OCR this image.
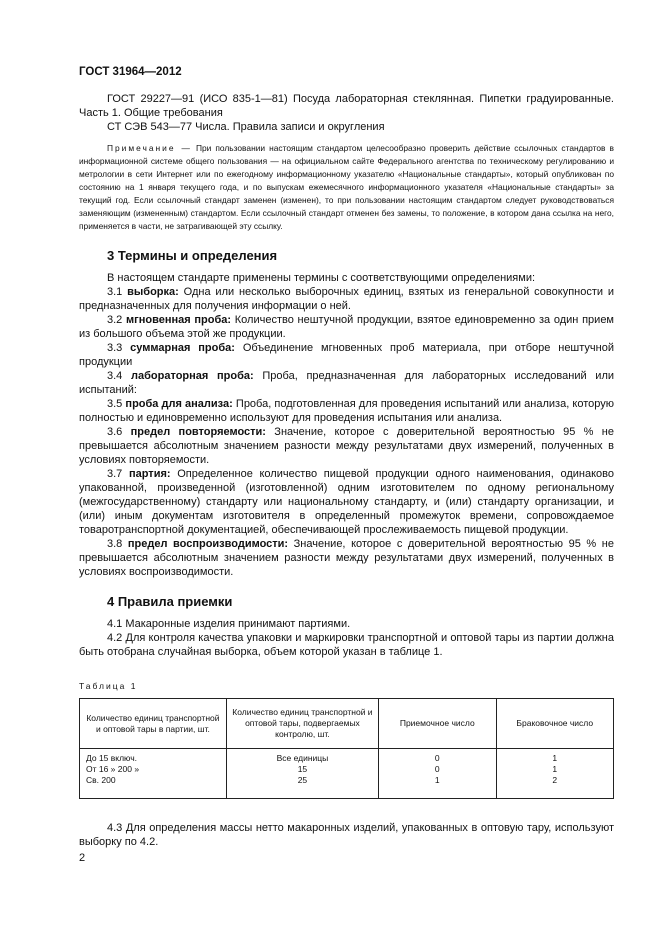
ГОСТ 31964—2012

ГОСТ 29227—91 (ИСО 835-1—81) Посуда лабораторная стеклянная. Пипетки градуированные. Часть 1. Общие требования

СТ СЭВ 543—77 Числа. Правила записи и округления

Примечание — При пользовании настоящим стандартом целесообразно проверить действие ссылочных стандартов в информационной системе общего пользования — на официальном сайте Федерального агентства по техническому регулированию и метрологии в сети Интернет или по ежегодному информационному указателю «Национальные стандарты», который опубликован по состоянию на 1 января текущего года, и по выпускам ежемесячного информационного указателя «Национальные стандарты» за текущий год. Если ссылочный стандарт заменен (изменен), то при пользовании настоящим стандартом следует руководствоваться заменяющим (измененным) стандартом. Если ссылочный стандарт отменен без замены, то положение, в котором дана ссылка на него, применяется в части, не затрагивающей эту ссылку.

3 Термины и определения

В настоящем стандарте применены термины с соответствующими определениями:

3.1 выборка: Одна или несколько выборочных единиц, взятых из генеральной совокупности и предназначенных для получения информации о ней.

3.2 мгновенная проба: Количество нештучной продукции, взятое единовременно за один прием из большого объема этой же продукции.

3.3 суммарная проба: Объединение мгновенных проб материала, при отборе нештучной продукции

3.4 лабораторная проба: Проба, предназначенная для лабораторных исследований или испытаний:

3.5 проба для анализа: Проба, подготовленная для проведения испытаний или анализа, которую полностью и единовременно используют для проведения испытания или анализа.

3.6 предел повторяемости: Значение, которое с доверительной вероятностью 95 % не превышается абсолютным значением разности между результатами двух измерений, полученных в условиях повторяемости.

3.7 партия: Определенное количество пищевой продукции одного наименования, одинаково упакованной, произведенной (изготовленной) одним изготовителем по одному региональному (межгосударственному) стандарту или национальному стандарту, и (или) стандарту организации, и (или) иным документам изготовителя в определенный промежуток времени, сопровождаемое товаротранспортной документацией, обеспечивающей прослеживаемость пищевой продукции.

3.8 предел воспроизводимости: Значение, которое с доверительной вероятностью 95 % не превышается абсолютным значением разности между результатами двух измерений, полученных в условиях воспроизводимости.

4 Правила приемки

4.1 Макаронные изделия принимают партиями.

4.2 Для контроля качества упаковки и маркировки транспортной и оптовой тары из партии должна быть отобрана случайная выборка, объем которой указан в таблице 1.

Таблица 1
Количество единиц транспортной и оптовой тары в партии, шт.	Количество единиц транспортной и оптовой тары, подвергаемых контролю, шт.	Приемочное число	Браковочное число
До 15 включ.	Все единицы	0	1
От 16 » 200 »	15	0	1
Св. 200	25	1	2

4.3 Для определения массы нетто макаронных изделий, упакованных в оптовую тару, используют выборку по 4.2.

2
